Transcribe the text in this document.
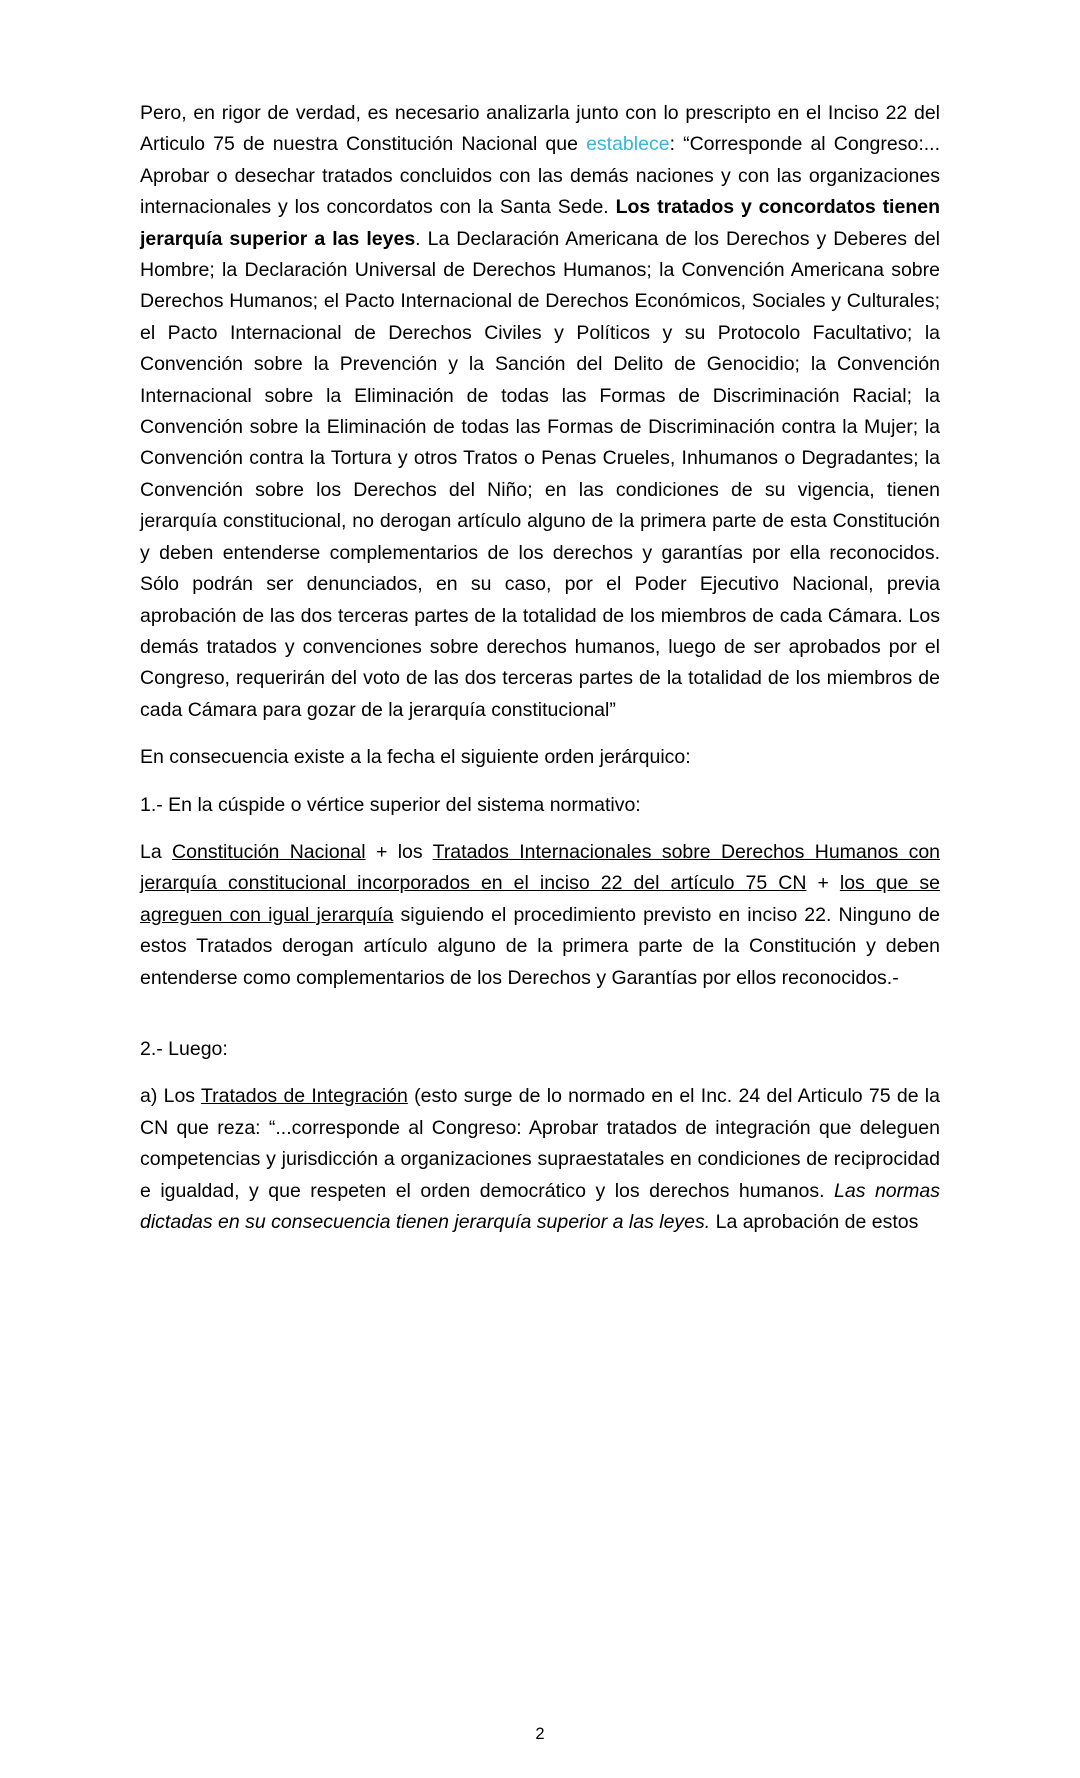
Pero, en rigor de verdad, es necesario analizarla junto con lo prescripto en el Inciso 22 del Articulo 75 de nuestra Constitución Nacional que establece: “Corresponde al Congreso:... Aprobar o desechar tratados concluidos con las demás naciones y con las organizaciones internacionales y los concordatos con la Santa Sede. Los tratados y concordatos tienen jerarquía superior a las leyes. La Declaración Americana de los Derechos y Deberes del Hombre; la Declaración Universal de Derechos Humanos; la Convención Americana sobre Derechos Humanos; el Pacto Internacional de Derechos Económicos, Sociales y Culturales; el Pacto Internacional de Derechos Civiles y Políticos y su Protocolo Facultativo; la Convención sobre la Prevención y la Sanción del Delito de Genocidio; la Convención Internacional sobre la Eliminación de todas las Formas de Discriminación Racial; la Convención sobre la Eliminación de todas las Formas de Discriminación contra la Mujer; la Convención contra la Tortura y otros Tratos o Penas Crueles, Inhumanos o Degradantes; la Convención sobre los Derechos del Niño; en las condiciones de su vigencia, tienen jerarquía constitucional, no derogan artículo alguno de la primera parte de esta Constitución y deben entenderse complementarios de los derechos y garantías por ella reconocidos. Sólo podrán ser denunciados, en su caso, por el Poder Ejecutivo Nacional, previa aprobación de las dos terceras partes de la totalidad de los miembros de cada Cámara. Los demás tratados y convenciones sobre derechos humanos, luego de ser aprobados por el Congreso, requerirán del voto de las dos terceras partes de la totalidad de los miembros de cada Cámara para gozar de la jerarquía constitucional”

En consecuencia existe a la fecha el siguiente orden jerárquico:

1.- En la cúspide o vértice superior del sistema normativo:

La Constitución Nacional + los Tratados Internacionales sobre Derechos Humanos con jerarquía constitucional incorporados en el inciso 22 del artículo 75 CN + los que se agreguen con igual jerarquía siguiendo el procedimiento previsto en inciso 22. Ninguno de estos Tratados derogan artículo alguno de la primera parte de la Constitución y deben entenderse como complementarios de los Derechos y Garantías por ellos reconocidos.-

2.- Luego:

a) Los Tratados de Integración (esto surge de lo normado en el Inc. 24 del Articulo 75 de la CN que reza: “...corresponde al Congreso: Aprobar tratados de integración que deleguen competencias y jurisdicción a organizaciones supraestatales en condiciones de reciprocidad e igualdad, y que respeten el orden democrático y los derechos humanos. Las normas dictadas en su consecuencia tienen jerarquía superior a las leyes. La aprobación de estos

2
